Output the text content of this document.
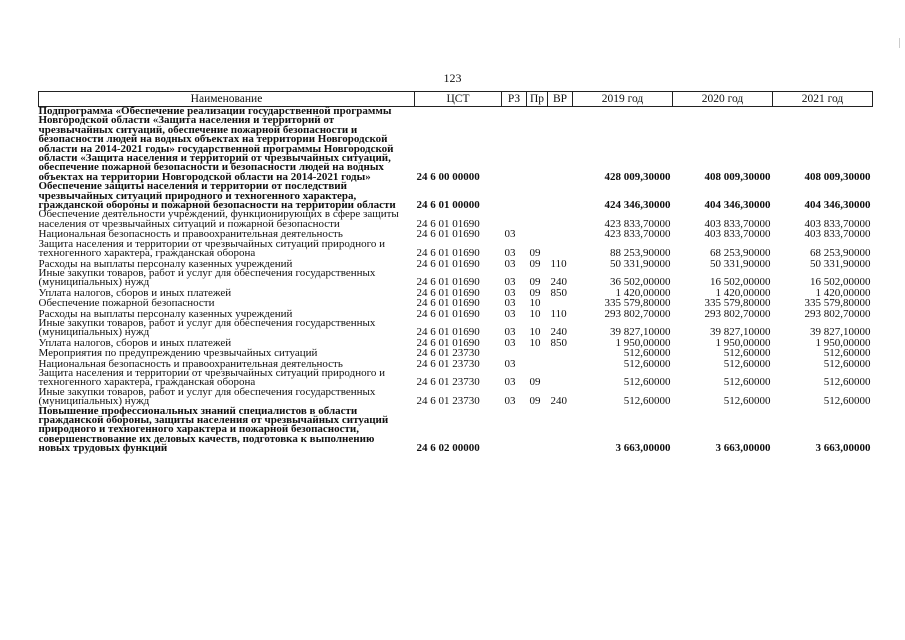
123
Наименование	ЦСТ	РЗ	Пр	ВР	2019 год	2020 год	2021 год
Подпрограмма «Обеспечение реализации государственной программы Новгородской области «Защита населения и территорий от чрезвычайных ситуаций, обеспечение пожарной безопасности и безопасности людей на водных объектах на территории Новгородской области на 2014-2021 годы» государственной программы Новгородской области «Защита населения и территорий от чрезвычайных ситуаций, обеспечение пожарной безопасности и безопасности людей на водных объектах на территории Новгородской области на 2014-2021 годы»	24 6 00 00000				428 009,30000	408 009,30000	408 009,30000
Обеспечение защиты населения и территории от последствий чрезвычайных ситуаций природного и техногенного характера, гражданской обороны и пожарной безопасности на территории области	24 6 01 00000				424 346,30000	404 346,30000	404 346,30000
Обеспечение деятельности учреждений, функционирующих в сфере защиты населения от чрезвычайных ситуаций и пожарной безопасности	24 6 01 01690				423 833,70000	403 833,70000	403 833,70000
Национальная безопасность и правоохранительная деятельность	24 6 01 01690	03			423 833,70000	403 833,70000	403 833,70000
Защита населения и территории от чрезвычайных ситуаций природного и техногенного характера, гражданская оборона	24 6 01 01690	03	09		88 253,90000	68 253,90000	68 253,90000
Расходы на выплаты персоналу казенных учреждений	24 6 01 01690	03	09	110	50 331,90000	50 331,90000	50 331,90000
Иные закупки товаров, работ и услуг для обеспечения государственных (муниципальных) нужд	24 6 01 01690	03	09	240	36 502,00000	16 502,00000	16 502,00000
Уплата налогов, сборов и иных платежей	24 6 01 01690	03	09	850	1 420,00000	1 420,00000	1 420,00000
Обеспечение пожарной безопасности	24 6 01 01690	03	10		335 579,80000	335 579,80000	335 579,80000
Расходы на выплаты персоналу казенных учреждений	24 6 01 01690	03	10	110	293 802,70000	293 802,70000	293 802,70000
Иные закупки товаров, работ и услуг для обеспечения государственных (муниципальных) нужд	24 6 01 01690	03	10	240	39 827,10000	39 827,10000	39 827,10000
Уплата налогов, сборов и иных платежей	24 6 01 01690	03	10	850	1 950,00000	1 950,00000	1 950,00000
Мероприятия по предупреждению чрезвычайных ситуаций	24 6 01 23730				512,60000	512,60000	512,60000
Национальная безопасность и правоохранительная деятельность	24 6 01 23730	03			512,60000	512,60000	512,60000
Защита населения и территории от чрезвычайных ситуаций природного и техногенного характера, гражданская оборона	24 6 01 23730	03	09		512,60000	512,60000	512,60000
Иные закупки товаров, работ и услуг для обеспечения государственных (муниципальных) нужд	24 6 01 23730	03	09	240	512,60000	512,60000	512,60000
Повышение профессиональных знаний специалистов в области гражданской обороны, защиты населения от чрезвычайных ситуаций природного и техногенного характера и пожарной безопасности, совершенствование их деловых качеств, подготовка к выполнению новых трудовых функций	24 6 02 00000				3 663,00000	3 663,00000	3 663,00000
